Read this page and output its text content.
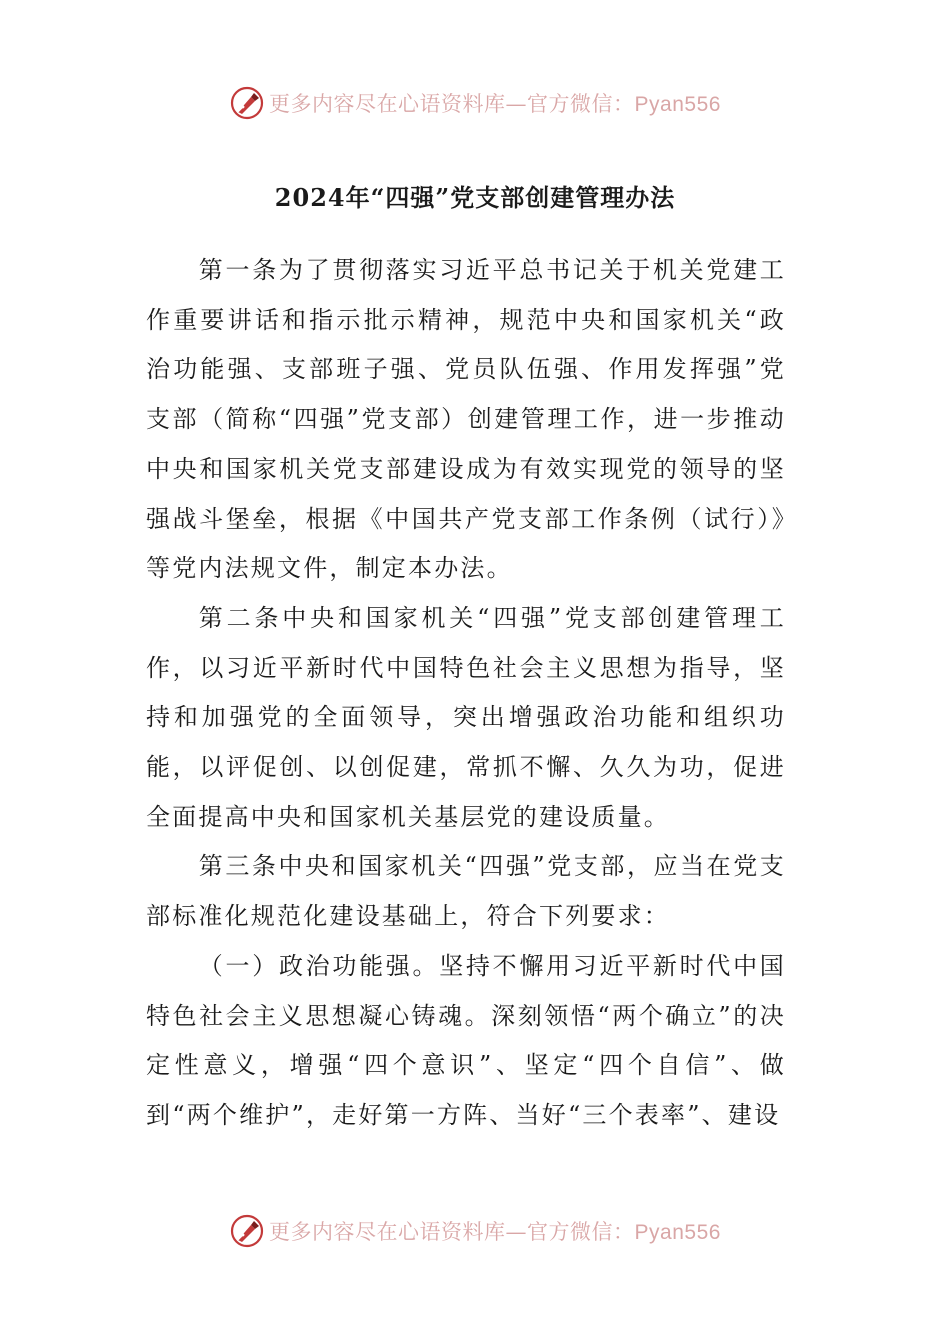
更多内容尽在心语资料库—官方微信：Pyan556
2024年“四强”党支部创建管理办法

第一条为了贯彻落实习近平总书记关于机关党建工作重要讲话和指示批示精神，规范中央和国家机关“政治功能强、支部班子强、党员队伍强、作用发挥强”党支部（简称“四强”党支部）创建管理工作，进一步推动中央和国家机关党支部建设成为有效实现党的领导的坚强战斗堡垒，根据《中国共产党支部工作条例（试行）》等党内法规文件，制定本办法。

第二条中央和国家机关“四强”党支部创建管理工作，以习近平新时代中国特色社会主义思想为指导，坚持和加强党的全面领导，突出增强政治功能和组织功能，以评促创、以创促建，常抓不懈、久久为功，促进全面提高中央和国家机关基层党的建设质量。

第三条中央和国家机关“四强”党支部，应当在党支部标准化规范化建设基础上，符合下列要求：

（一）政治功能强。坚持不懈用习近平新时代中国特色社会主义思想凝心铸魂。深刻领悟“两个确立”的决定性意义，增强“四个意识”、坚定“四个自信”、做到“两个维护”，走好第一方阵、当好“三个表率”、建设

更多内容尽在心语资料库—官方微信：Pyan556
